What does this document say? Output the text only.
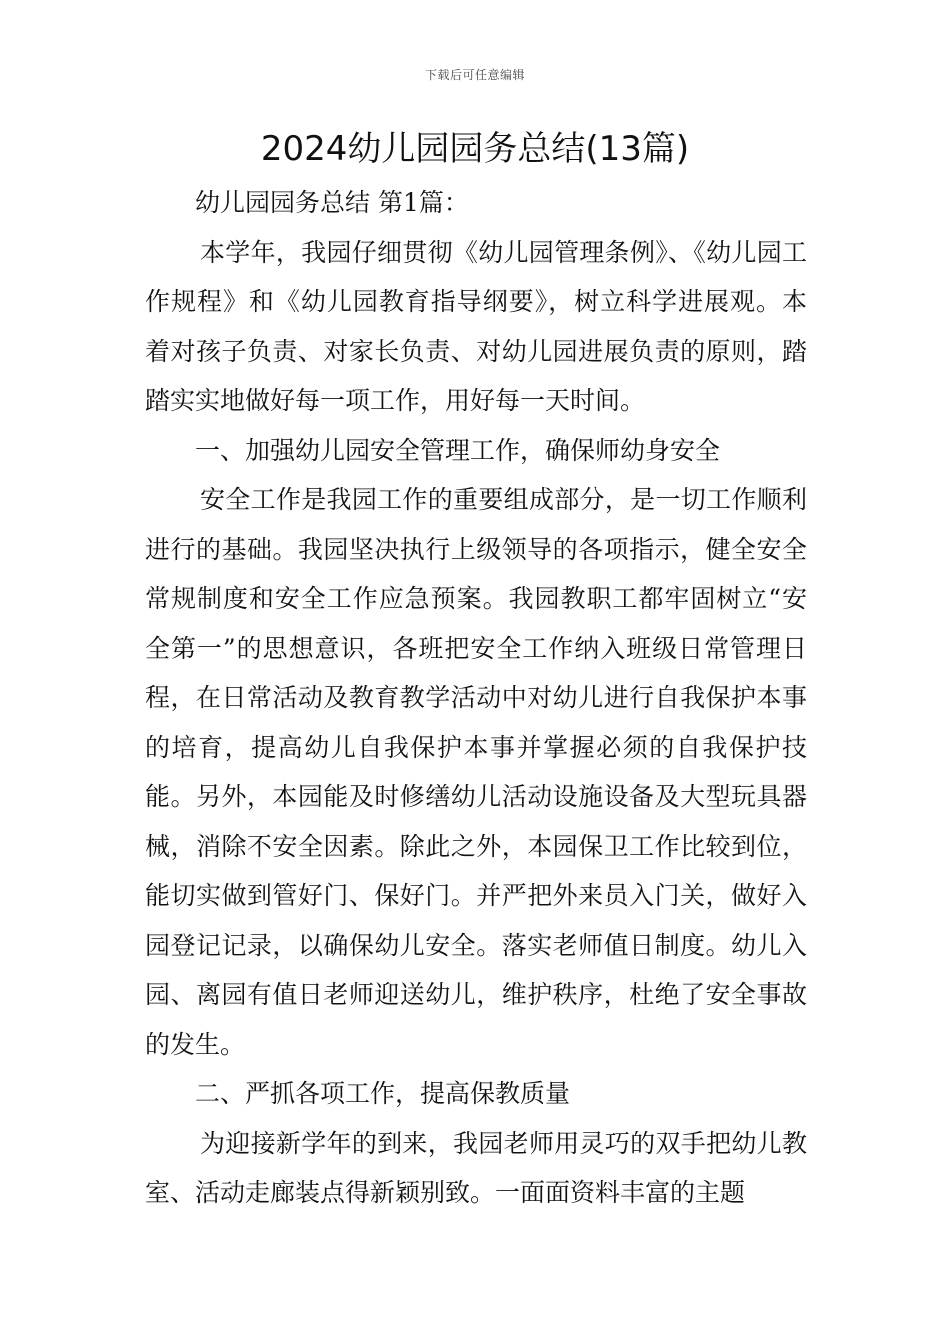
下载后可任意编辑
2024幼儿园园务总结(13篇)

幼儿园园务总结 第1篇：

本学年，我园仔细贯彻《幼儿园管理条例》、《幼儿园工作规程》和《幼儿园教育指导纲要》，树立科学进展观。本着对孩子负责、对家长负责、对幼儿园进展负责的原则，踏踏实实地做好每一项工作，用好每一天时间。

一、加强幼儿园安全管理工作，确保师幼身安全

安全工作是我园工作的重要组成部分，是一切工作顺利进行的基础。我园坚决执行上级领导的各项指示，健全安全常规制度和安全工作应急预案。我园教职工都牢固树立“安全第一”的思想意识，各班把安全工作纳入班级日常管理日程，在日常活动及教育教学活动中对幼儿进行自我保护本事的培育，提高幼儿自我保护本事并掌握必须的自我保护技能。另外，本园能及时修缮幼儿活动设施设备及大型玩具器械，消除不安全因素。除此之外，本园保卫工作比较到位，能切实做到管好门、保好门。并严把外来员入门关，做好入园登记记录，以确保幼儿安全。落实老师值日制度。幼儿入园、离园有值日老师迎送幼儿，维护秩序，杜绝了安全事故的发生。

二、严抓各项工作，提高保教质量

为迎接新学年的到来，我园老师用灵巧的双手把幼儿教室、活动走廊装点得新颖别致。一面面资料丰富的主题
